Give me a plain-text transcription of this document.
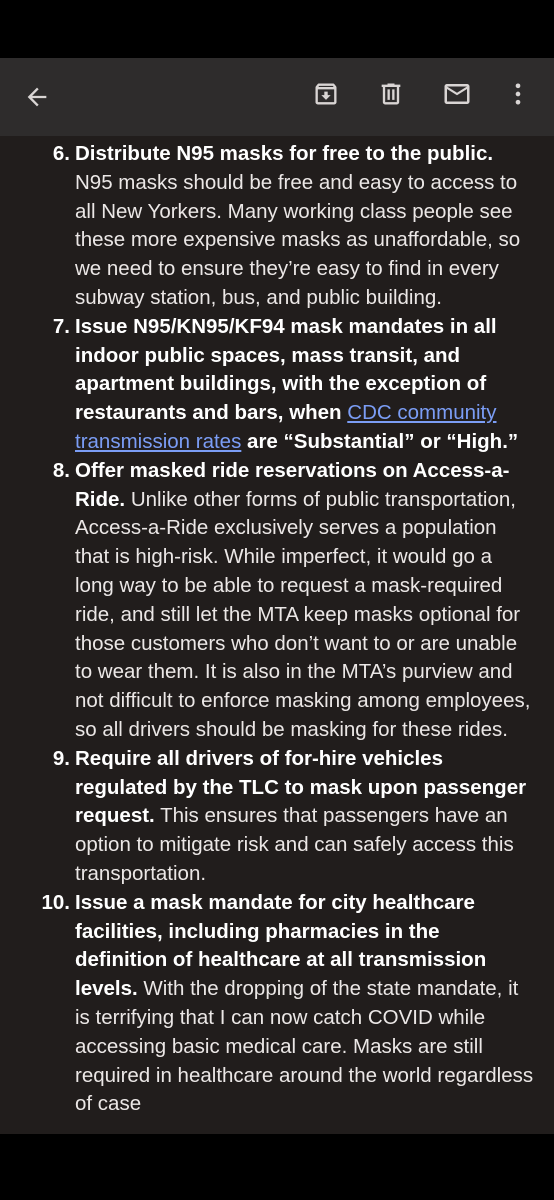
6. Distribute N95 masks for free to the public. N95 masks should be free and easy to access to all New Yorkers. Many working class people see these more expensive masks as unaffordable, so we need to ensure they’re easy to find in every subway station, bus, and public building.
7. Issue N95/KN95/KF94 mask mandates in all indoor public spaces, mass transit, and apartment buildings, with the exception of restaurants and bars, when CDC community transmission rates are “Substantial” or “High.”
8. Offer masked ride reservations on Access-a-Ride. Unlike other forms of public transportation, Access-a-Ride exclusively serves a population that is high-risk. While imperfect, it would go a long way to be able to request a mask-required ride, and still let the MTA keep masks optional for those customers who don’t want to or are unable to wear them. It is also in the MTA’s purview and not difficult to enforce masking among employees, so all drivers should be masking for these rides.
9. Require all drivers of for-hire vehicles regulated by the TLC to mask upon passenger request. This ensures that passengers have an option to mitigate risk and can safely access this transportation.
10. Issue a mask mandate for city healthcare facilities, including pharmacies in the definition of healthcare at all transmission levels. With the dropping of the state mandate, it is terrifying that I can now catch COVID while accessing basic medical care. Masks are still required in healthcare around the world regardless of case
